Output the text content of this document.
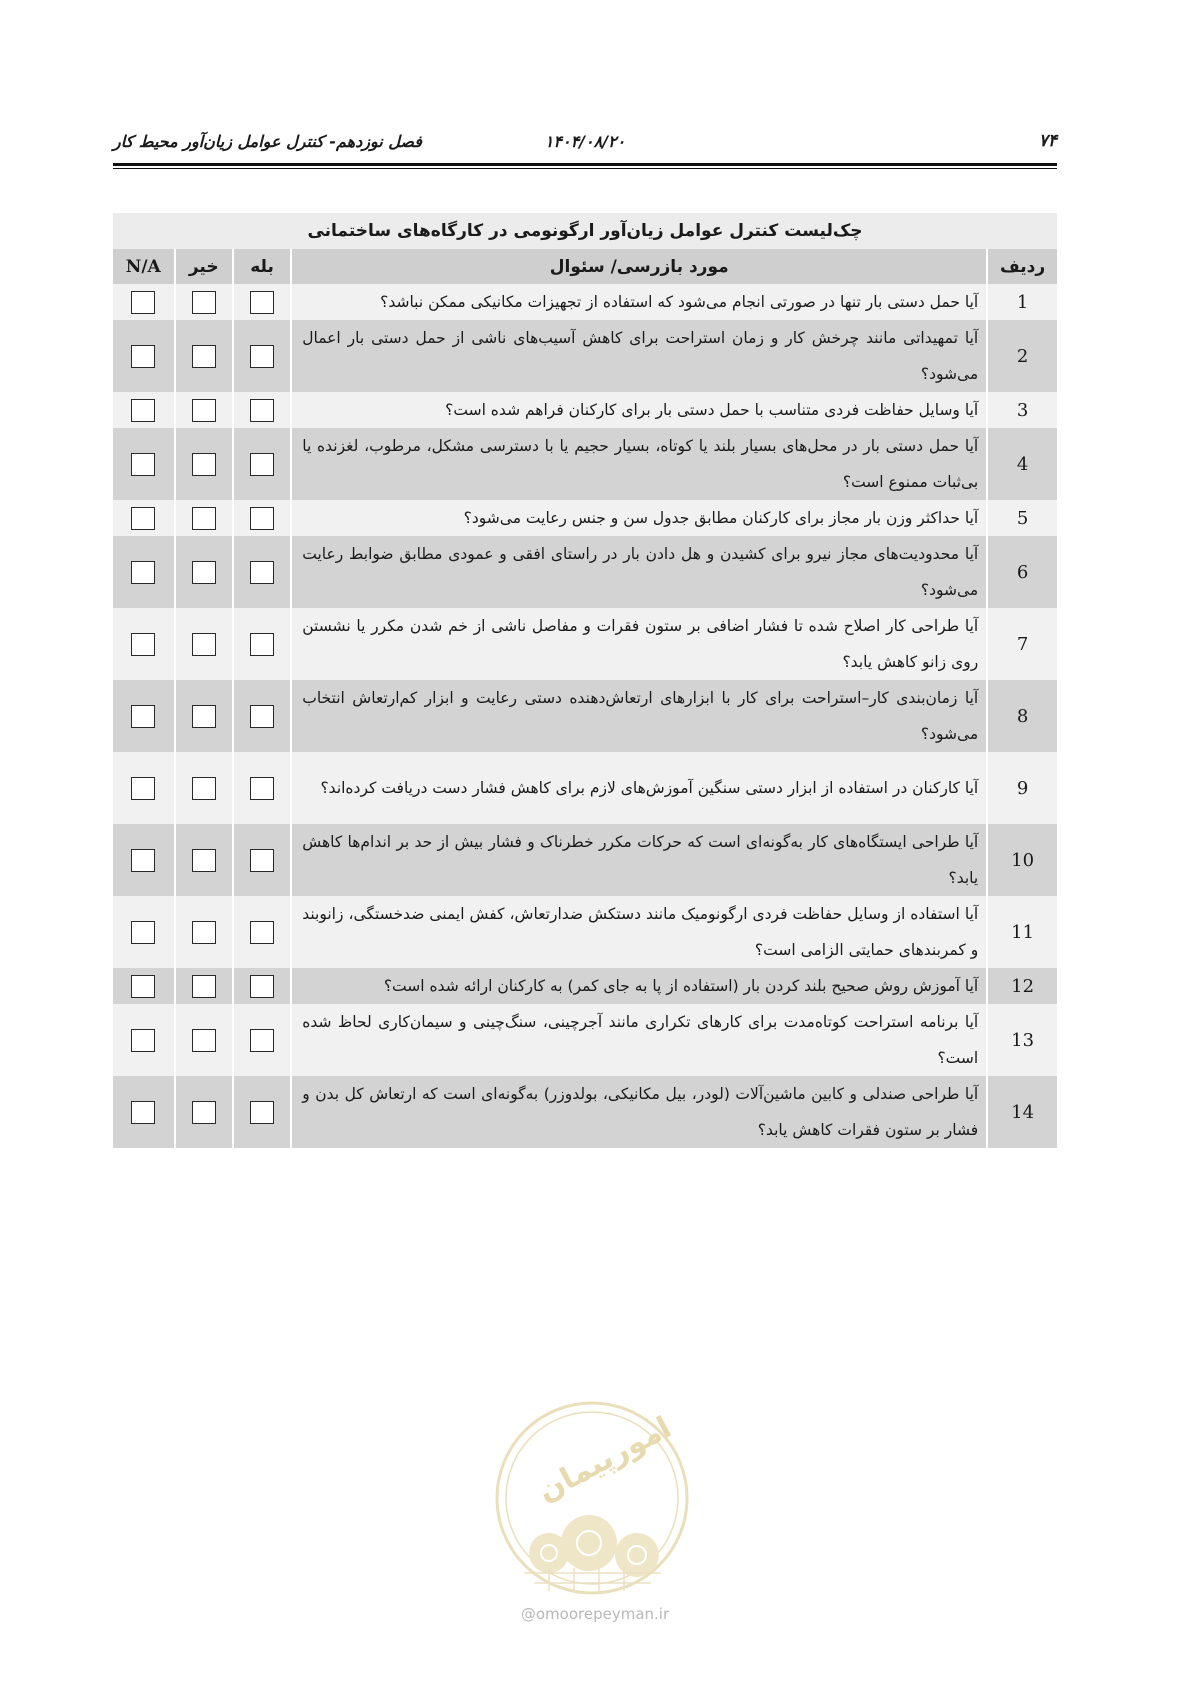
فصل نوزدهم- کنترل عوامل زیان‌آور محیط کار	۱۴۰۴/۰۸/۲۰	۷۴
چک‌لیست کنترل عوامل زیان‌آور ارگونومی در کارگاه‌های ساختمانی				
ردیف	مورد بازرسی/ سئوال	بله	خیر	N/A
1	آیا حمل دستی بار تنها در صورتی انجام می‌شود که استفاده از تجهیزات مکانیکی ممکن نباشد؟			
2	آیا تمهیداتی مانند چرخش کار و زمان استراحت برای کاهش آسیب‌های ناشی از حمل دستی بار اعمال می‌شود؟			
3	آیا وسایل حفاظت فردی متناسب با حمل دستی بار برای کارکنان فراهم شده است؟			
4	آیا حمل دستی بار در محل‌های بسیار بلند یا کوتاه، بسیار حجیم یا با دسترسی مشکل، مرطوب، لغزنده یا بی‌ثبات ممنوع است؟			
5	آیا حداکثر وزن بار مجاز برای کارکنان مطابق جدول سن و جنس رعایت می‌شود؟			
6	آیا محدودیت‌های مجاز نیرو برای کشیدن و هل دادن بار در راستای افقی و عمودی مطابق ضوابط رعایت می‌شود؟			
7	آیا طراحی کار اصلاح شده تا فشار اضافی بر ستون فقرات و مفاصل ناشی از خم شدن مکرر یا نشستن روی زانو کاهش یابد؟			
8	آیا زمان‌بندی کار–استراحت برای کار با ابزارهای ارتعاش‌دهنده دستی رعایت و ابزار کم‌ارتعاش انتخاب می‌شود؟			
9	آیا کارکنان در استفاده از ابزار دستی سنگین آموزش‌های لازم برای کاهش فشار دست دریافت کرده‌اند؟			
10	آیا طراحی ایستگاه‌های کار به‌گونه‌ای است که حرکات مکرر خطرناک و فشار بیش از حد بر اندام‌ها کاهش یابد؟			
11	آیا استفاده از وسایل حفاظت فردی ارگونومیک مانند دستکش ضدارتعاش، کفش ایمنی ضدخستگی، زانوبند و کمربندهای حمایتی الزامی است؟			
12	آیا آموزش روش صحیح بلند کردن بار (استفاده از پا به جای کمر) به کارکنان ارائه شده است؟			
13	آیا برنامه استراحت کوتاه‌مدت برای کارهای تکراری مانند آجرچینی، سنگ‌چینی و سیمان‌کاری لحاظ شده است؟			
14	آیا طراحی صندلی و کابین ماشین‌آلات (لودر، بیل مکانیکی، بولدوزر) به‌گونه‌ای است که ارتعاش کل بدن و فشار بر ستون فقرات کاهش یابد؟			
امورپیمان
@omoorepeyman.ir
